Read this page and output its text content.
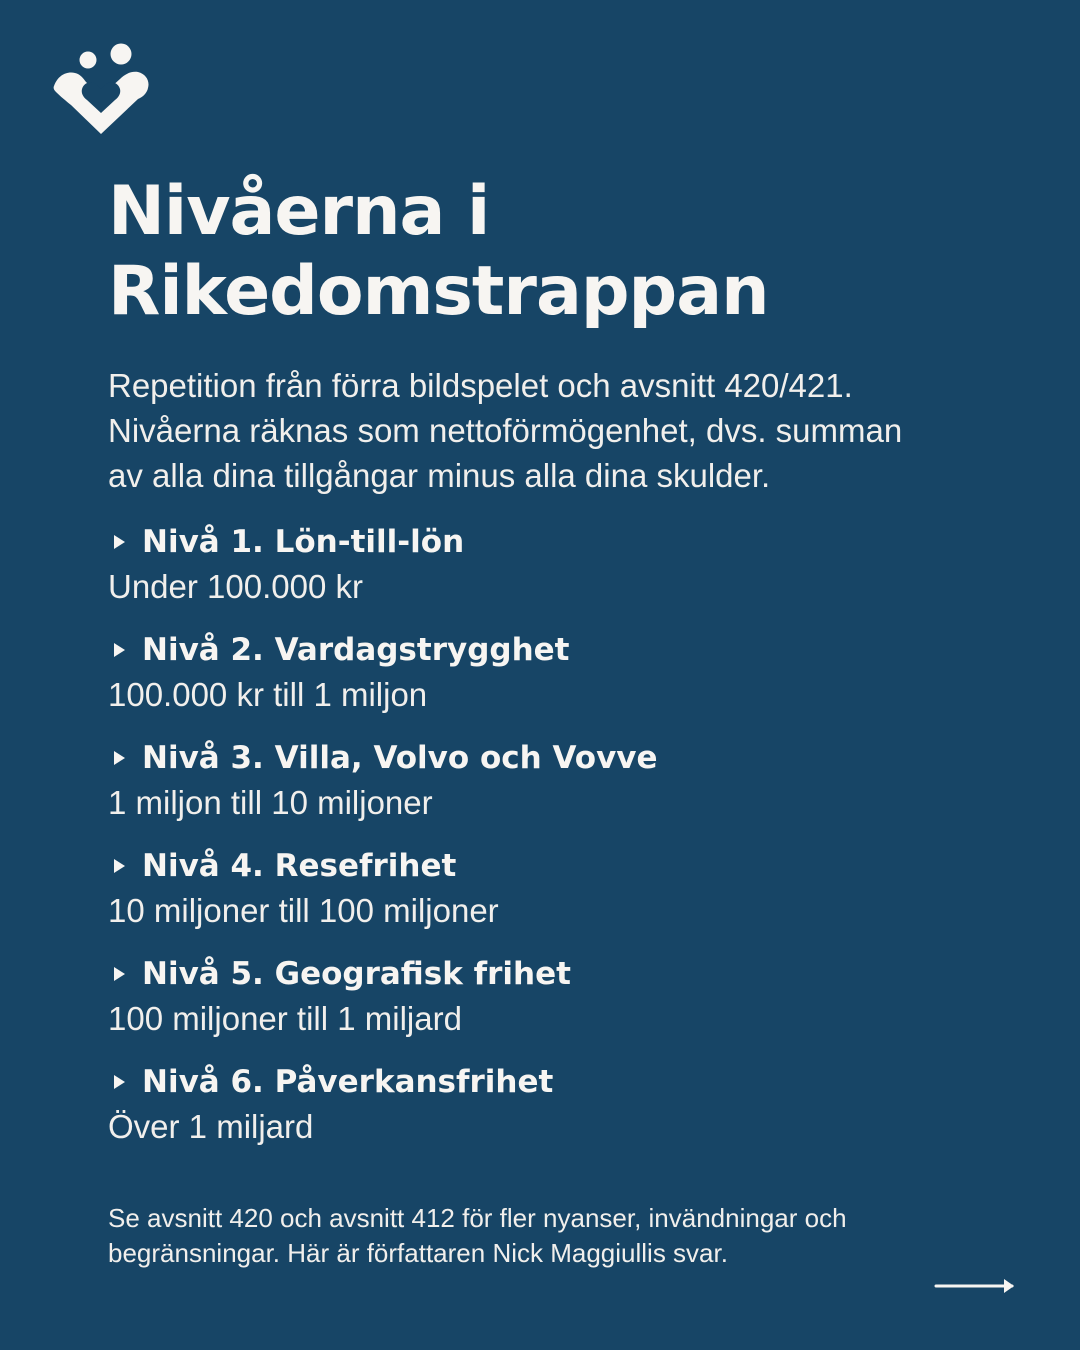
Nivåerna i
Rikedomstrappan

Repetition från förra bildspelet och avsnitt 420/421.
Nivåerna räknas som nettoförmögenhet, dvs. summan
av alla dina tillgångar minus alla dina skulder.

Nivå 1. Lön-till-lön
Under 100.000 kr
Nivå 2. Vardagstrygghet
100.000 kr till 1 miljon
Nivå 3. Villa, Volvo och Vovve
1 miljon till 10 miljoner
Nivå 4. Resefrihet
10 miljoner till 100 miljoner
Nivå 5. Geografisk frihet
100 miljoner till 1 miljard
Nivå 6. Påverkansfrihet
Över 1 miljard

Se avsnitt 420 och avsnitt 412 för fler nyanser, invändningar och
begränsningar. Här är författaren Nick Maggiullis svar.
